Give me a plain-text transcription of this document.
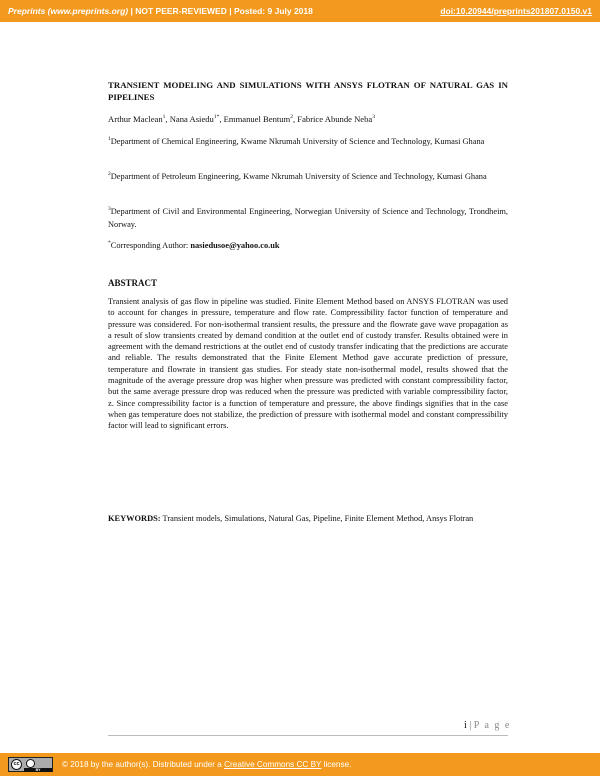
Preprints (www.preprints.org) | NOT PEER-REVIEWED | Posted: 9 July 2018	doi:10.20944/preprints201807.0150.v1
TRANSIENT MODELING AND SIMULATIONS WITH ANSYS FLOTRAN OF NATURAL GAS IN PIPELINES
Arthur Maclean$^1$, Nana Asiedu$^{1*}$, Emmanuel Bentum$^2$, Fabrice Abunde Neba$^3$
$^1$Department of Chemical Engineering, Kwame Nkrumah University of Science and Technology, Kumasi Ghana
$^2$Department of Petroleum Engineering, Kwame Nkrumah University of Science and Technology, Kumasi Ghana
$^3$Department of Civil and Environmental Engineering, Norwegian University of Science and Technology, Trondheim, Norway.
*Corresponding Author: nasiedusoe@yahoo.co.uk
ABSTRACT
Transient analysis of gas flow in pipeline was studied. Finite Element Method based on ANSYS FLOTRAN was used to account for changes in pressure, temperature and flow rate. Compressibility factor function of temperature and pressure was considered. For non-isothermal transient results, the pressure and the flowrate gave wave propagation as a result of slow transients created by demand condition at the outlet end of custody transfer. Results obtained were in agreement with the demand restrictions at the outlet end of custody transfer indicating that the predictions are accurate and reliable. The results demonstrated that the Finite Element Method gave accurate prediction of pressure, temperature and flowrate in transient gas studies. For steady state non-isothermal model, results showed that the magnitude of the average pressure drop was higher when pressure was predicted with constant compressibility factor, but the same average pressure drop was reduced when the pressure was predicted with variable compressibility factor, z. Since compressibility factor is a function of temperature and pressure, the above findings signifies that in the case when gas temperature does not stabilize, the prediction of pressure with isothermal model and constant compressibility factor will lead to significant errors.
KEYWORDS: Transient models, Simulations, Natural Gas, Pipeline, Finite Element Method, Ansys Flotran
i | P a g e
cc
BY
© 2018 by the author(s). Distributed under a Creative Commons CC BY license.
